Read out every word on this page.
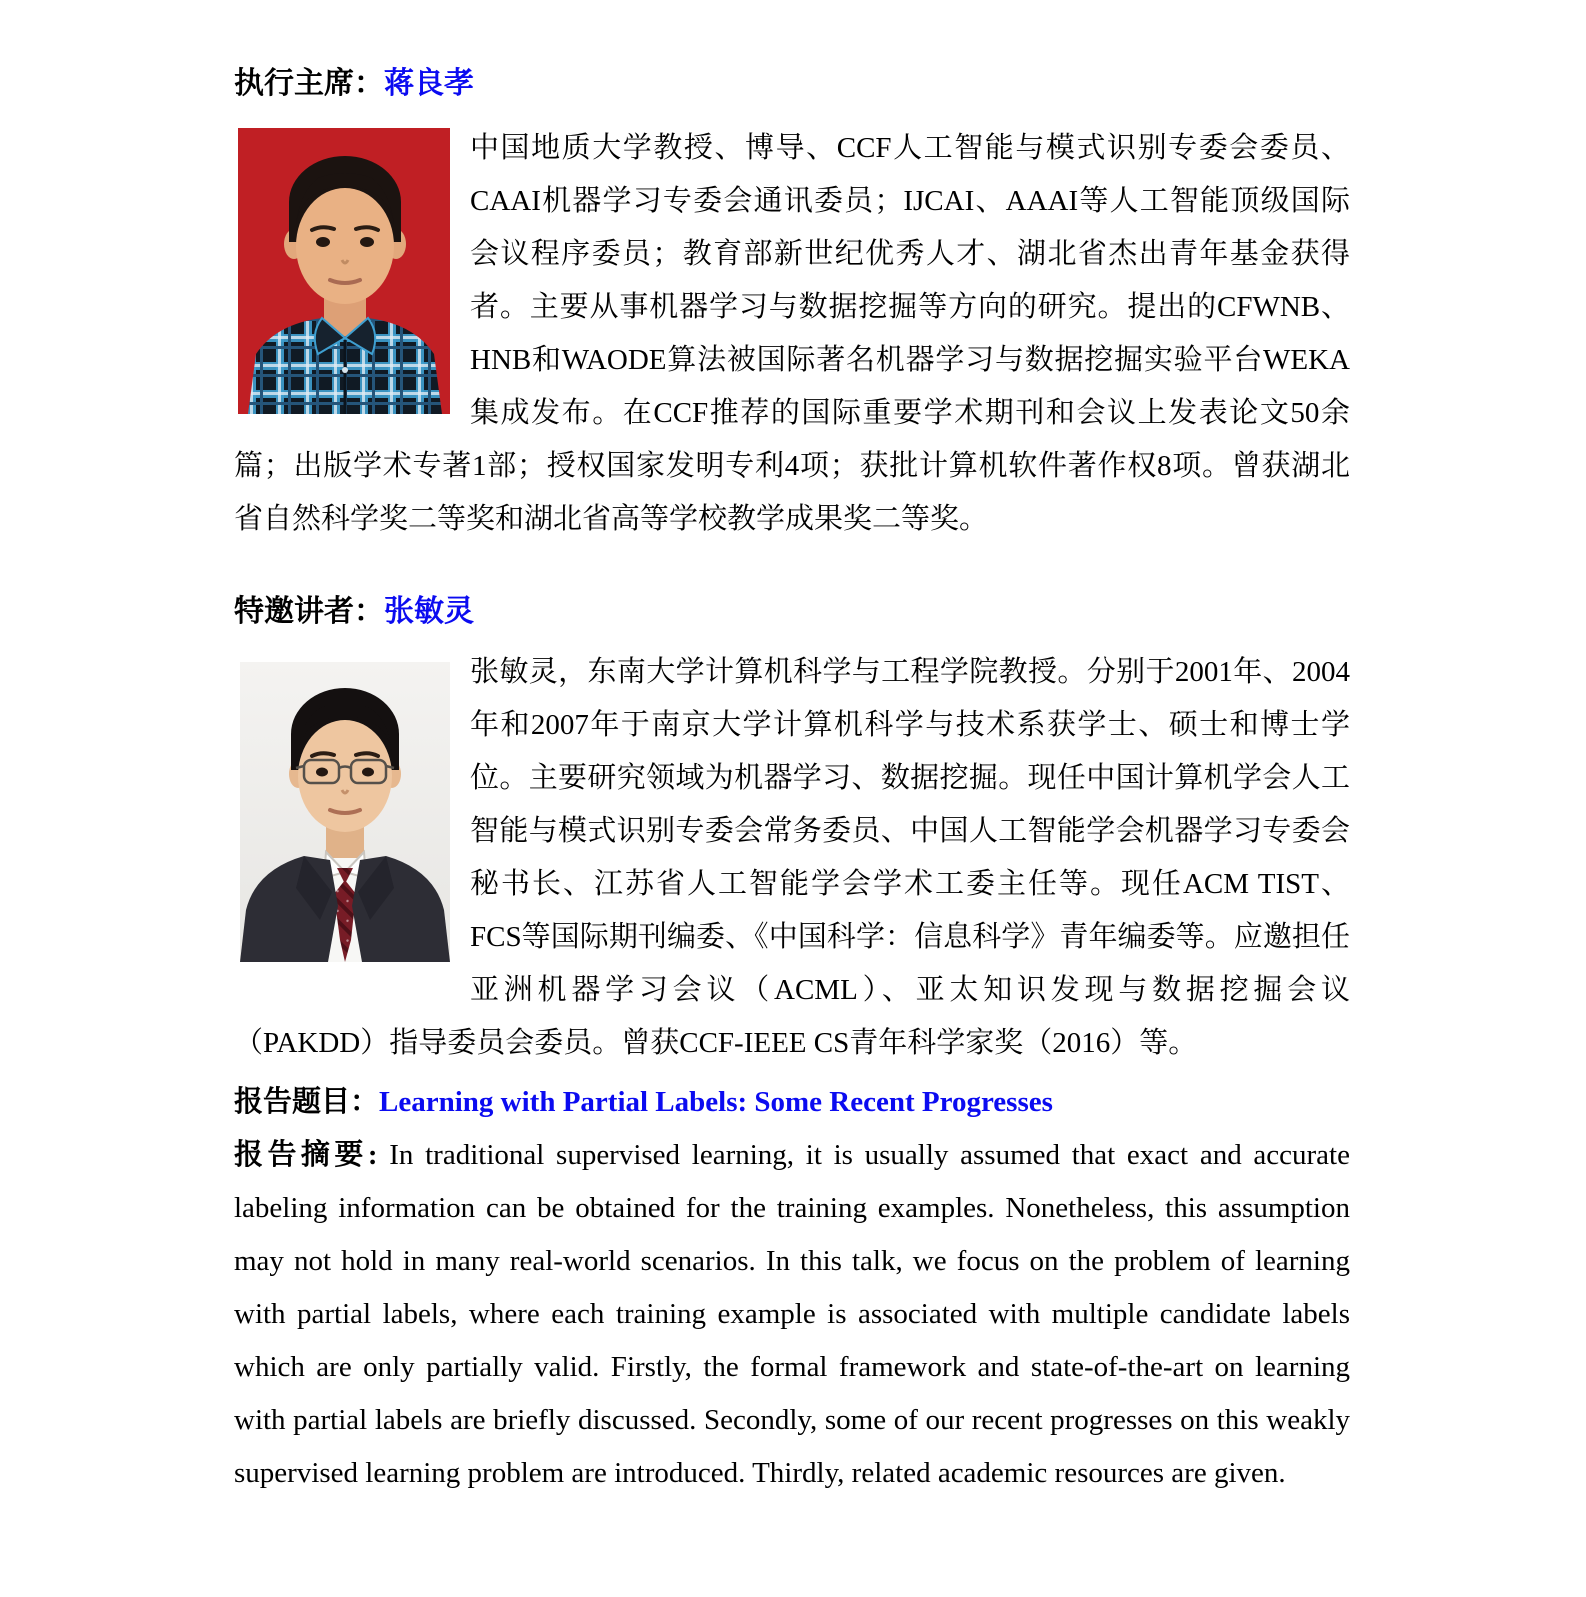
执行主席：蒋良孝

中国地质大学教授、博导、CCF人工智能与模式识别专委会委员、CAAI机器学习专委会通讯委员；IJCAI、AAAI等人工智能顶级国际会议程序委员；教育部新世纪优秀人才、湖北省杰出青年基金获得者。主要从事机器学习与数据挖掘等方向的研究。提出的CFWNB、HNB和WAODE算法被国际著名机器学习与数据挖掘实验平台WEKA集成发布。在CCF推荐的国际重要学术期刊和会议上发表论文50余篇；出版学术专著1部；授权国家发明专利4项；获批计算机软件著作权8项。曾获湖北省自然科学奖二等奖和湖北省高等学校教学成果奖二等奖。

特邀讲者：张敏灵

张敏灵，东南大学计算机科学与工程学院教授。分别于2001年、2004年和2007年于南京大学计算机科学与技术系获学士、硕士和博士学位。主要研究领域为机器学习、数据挖掘。现任中国计算机学会人工智能与模式识别专委会常务委员、中国人工智能学会机器学习专委会秘书长、江苏省人工智能学会学术工委主任等。现任ACM TIST、FCS等国际期刊编委、《中国科学：信息科学》青年编委等。应邀担任亚洲机器学习会议（ACML）、亚太知识发现与数据挖掘会议（PAKDD）指导委员会委员。曾获CCF-IEEE CS青年科学家奖（2016）等。

报告题目：Learning with Partial Labels: Some Recent Progresses

报告摘要: In traditional supervised learning, it is usually assumed that exact and accurate labeling information can be obtained for the training examples. Nonetheless, this assumption may not hold in many real-world scenarios. In this talk, we focus on the problem of learning with partial labels, where each training example is associated with multiple candidate labels which are only partially valid. Firstly, the formal framework and state-of-the-art on learning with partial labels are briefly discussed. Secondly, some of our recent progresses on this weakly supervised learning problem are introduced. Thirdly, related academic resources are given.
